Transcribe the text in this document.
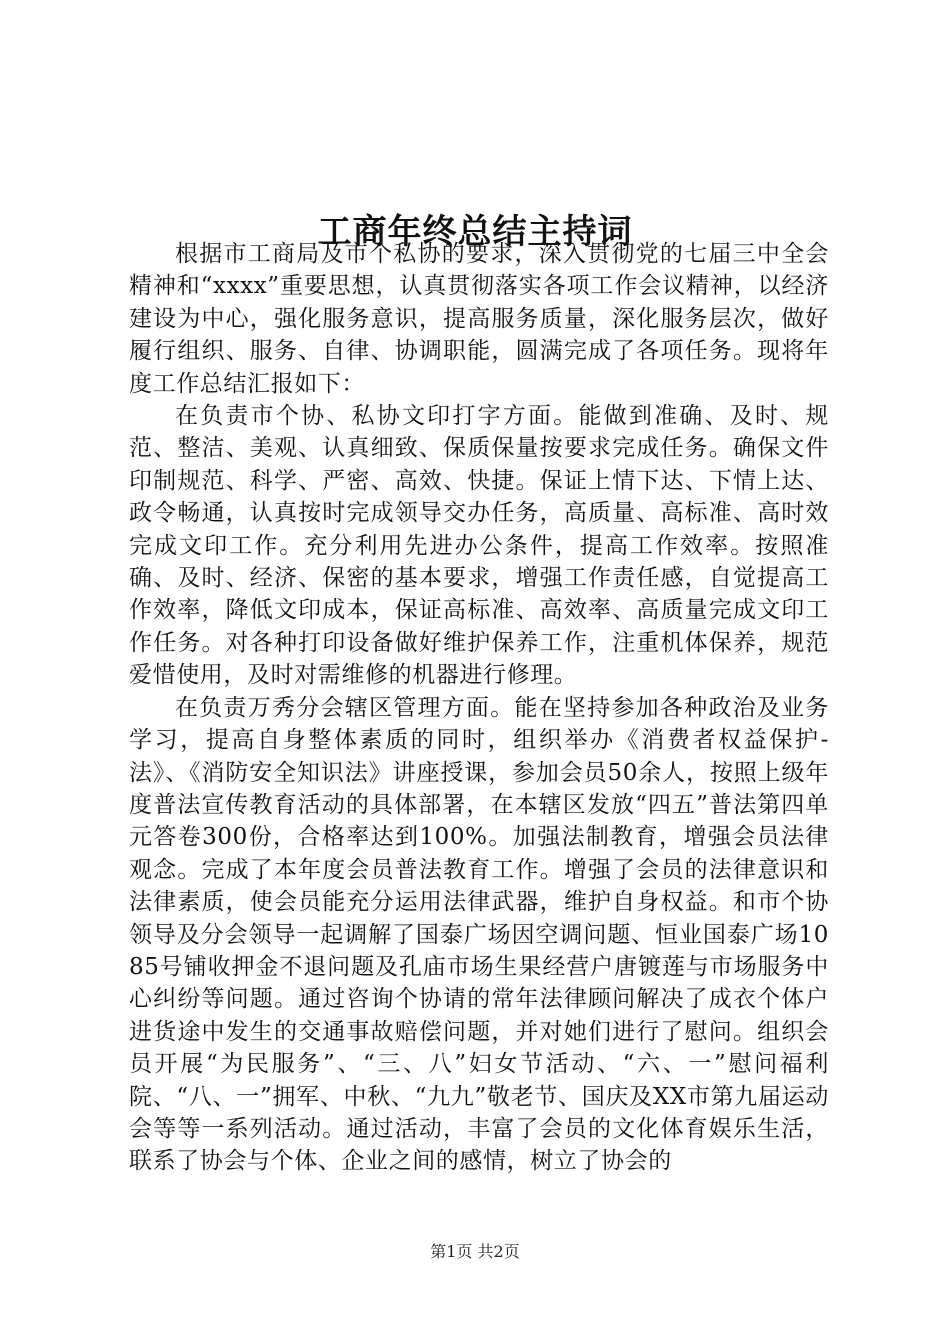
工商年终总结主持词

根据市工商局及市个私协的要求，深入贯彻党的七届三中全会精神和“xxxx”重要思想，认真贯彻落实各项工作会议精神，以经济建设为中心，强化服务意识，提高服务质量，深化服务层次，做好履行组织、服务、自律、协调职能，圆满完成了各项任务。现将年度工作总结汇报如下：

在负责市个协、私协文印打字方面。能做到准确、及时、规范、整洁、美观、认真细致、保质保量按要求完成任务。确保文件印制规范、科学、严密、高效、快捷。保证上情下达、下情上达、政令畅通，认真按时完成领导交办任务，高质量、高标准、高时效完成文印工作。充分利用先进办公条件，提高工作效率。按照准确、及时、经济、保密的基本要求，增强工作责任感，自觉提高工作效率，降低文印成本，保证高标准、高效率、高质量完成文印工作任务。对各种打印设备做好维护保养工作，注重机体保养，规范爱惜使用，及时对需维修的机器进行修理。

在负责万秀分会辖区管理方面。能在坚持参加各种政治及业务学习，提高自身整体素质的同时，组织举办《消费者权益保护-法》、《消防安全知识法》讲座授课，参加会员50余人，按照上级年度普法宣传教育活动的具体部署，在本辖区发放“四五”普法第四单元答卷300份，合格率达到100%。加强法制教育，增强会员法律观念。完成了本年度会员普法教育工作。增强了会员的法律意识和法律素质，使会员能充分运用法律武器，维护自身权益。和市个协领导及分会领导一起调解了国泰广场因空调问题、恒业国泰广场1085号铺收押金不退问题及孔庙市场生果经营户唐镀莲与市场服务中心纠纷等问题。通过咨询个协请的常年法律顾问解决了成衣个体户进货途中发生的交通事故赔偿问题，并对她们进行了慰问。组织会员开展“为民服务”、“三、八”妇女节活动、“六、一”慰问福利院、“八、一”拥军、中秋、“九九”敬老节、国庆及XX市第九届运动会等等一系列活动。通过活动，丰富了会员的文化体育娱乐生活，联系了协会与个体、企业之间的感情，树立了协会的

第1页 共2页
